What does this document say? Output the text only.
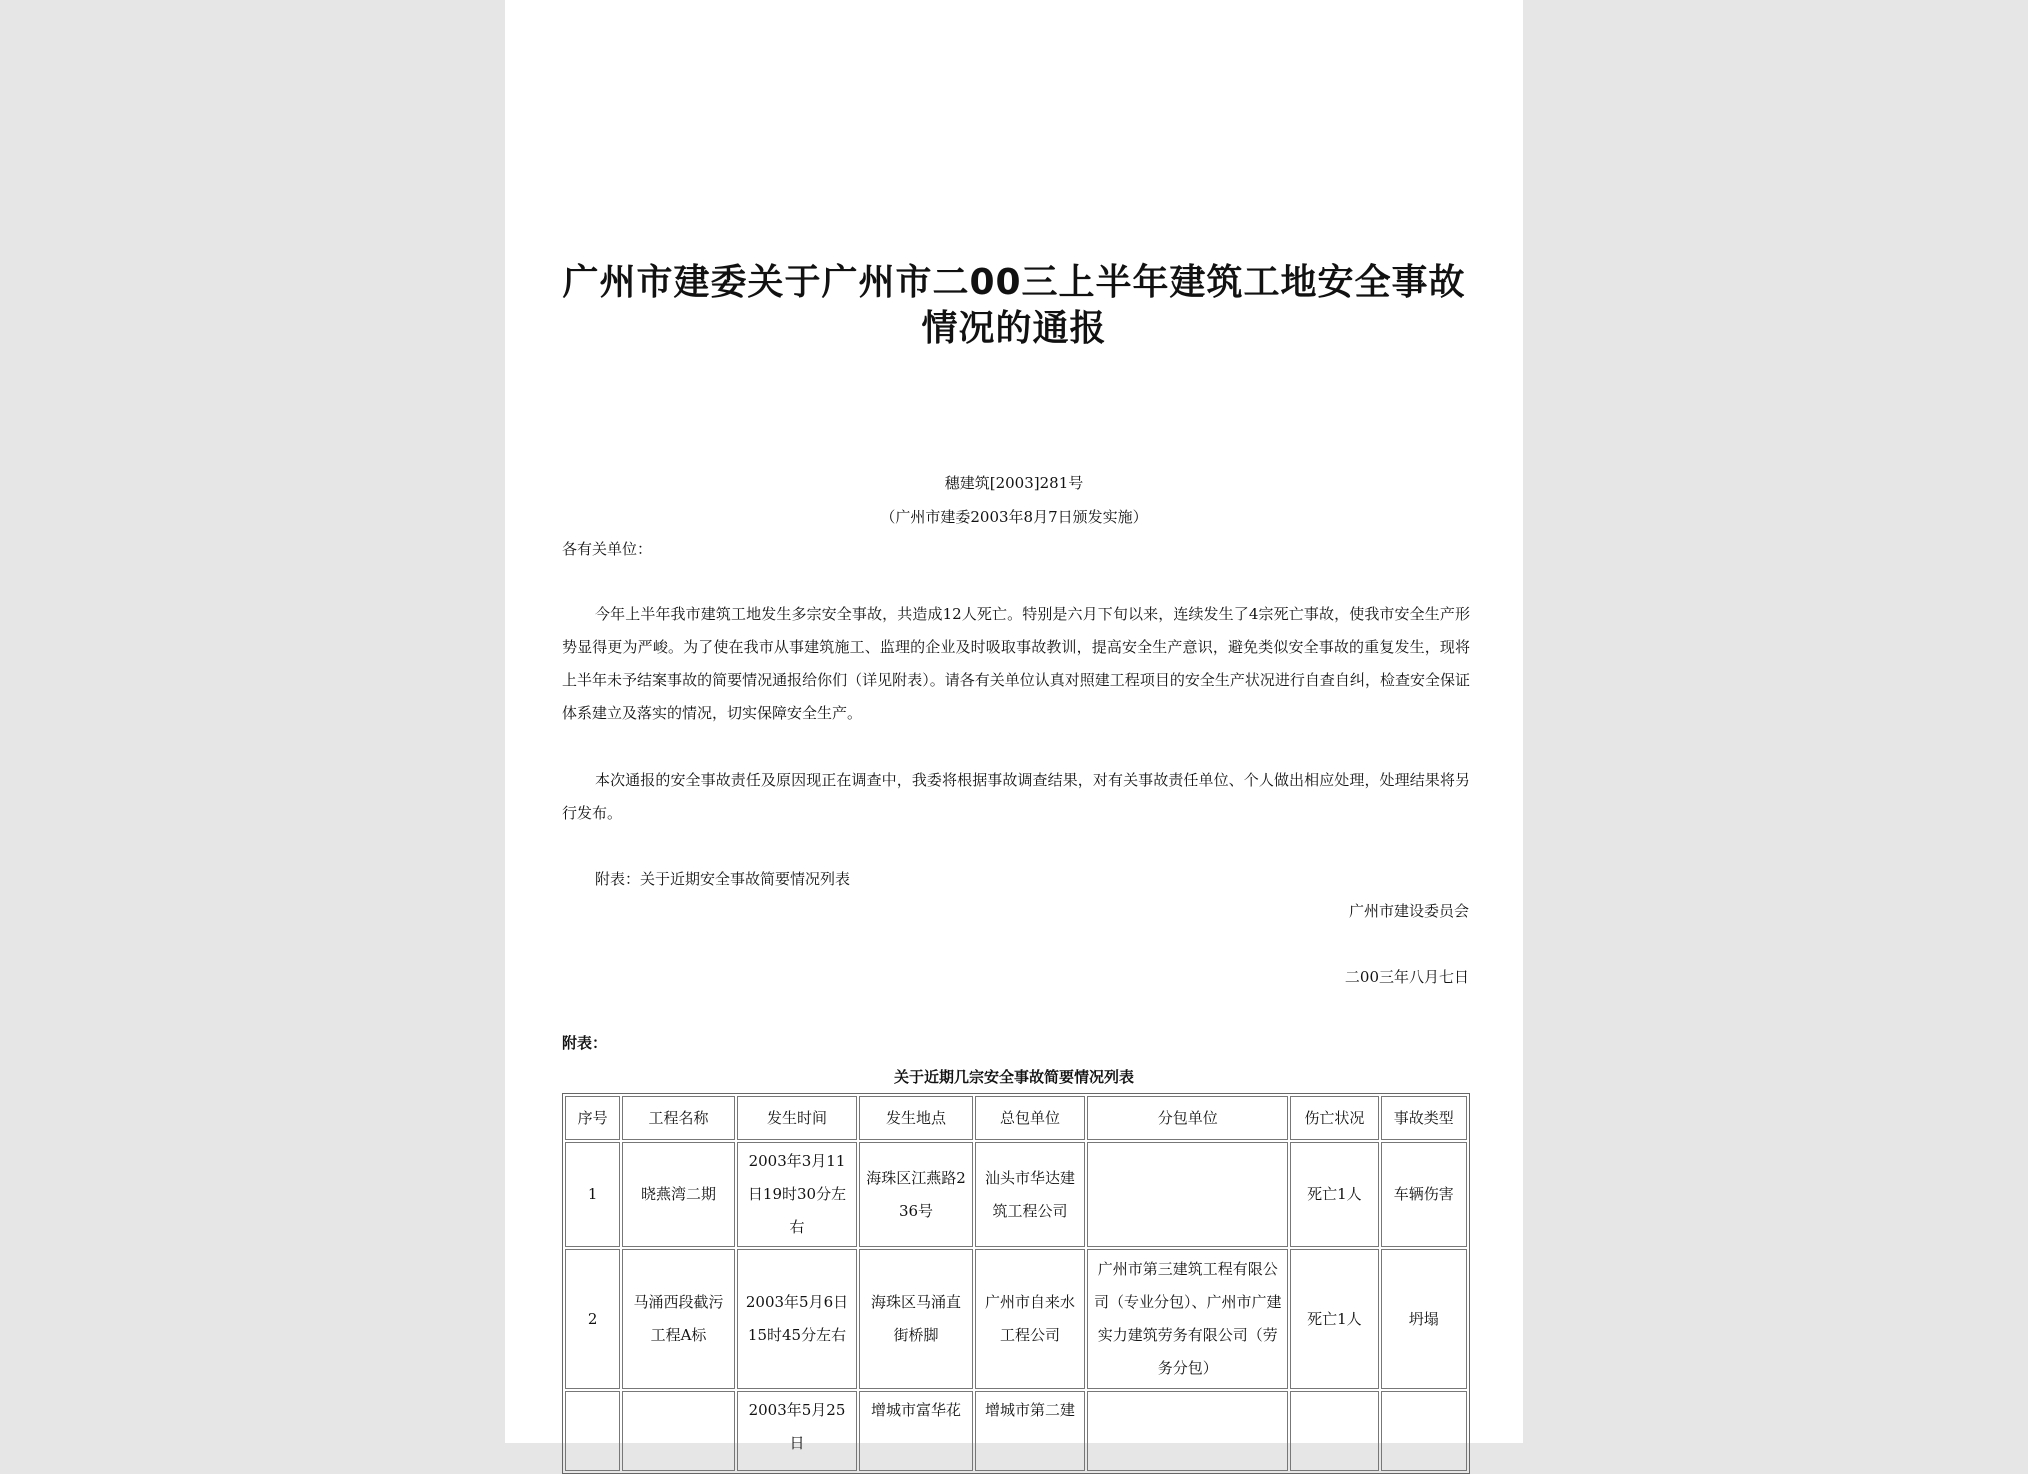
广州市建委关于广州市二00三上半年建筑工地安全事故
情况的通报
穗建筑[2003]281号
（广州市建委2003年8月7日颁发实施）
各有关单位：
今年上半年我市建筑工地发生多宗安全事故，共造成12人死亡。特别是六月下旬以来，连续发生了4宗死亡事故，使我市安全生产形势显得更为严峻。为了使在我市从事建筑施工、监理的企业及时吸取事故教训，提高安全生产意识，避免类似安全事故的重复发生，现将上半年未予结案事故的简要情况通报给你们（详见附表）。请各有关单位认真对照建工程项目的安全生产状况进行自查自纠，检查安全保证体系建立及落实的情况，切实保障安全生产。
本次通报的安全事故责任及原因现正在调查中，我委将根据事故调查结果，对有关事故责任单位、个人做出相应处理，处理结果将另行发布。
附表：关于近期安全事故简要情况列表
广州市建设委员会
二00三年八月七日
附表：
关于近期几宗安全事故简要情况列表
序号	工程名称	发生时间	发生地点	总包单位	分包单位	伤亡状况	事故类型
1	晓燕湾二期	2003年3月11日19时30分左右	海珠区江燕路236号	汕头市华达建筑工程公司		死亡1人	车辆伤害
2	马涌西段截污工程A标	2003年5月6日15时45分左右	海珠区马涌直街桥脚	广州市自来水工程公司	广州市第三建筑工程有限公司（专业分包）、广州市广建实力建筑劳务有限公司（劳务分包）	死亡1人	坍塌
		2003年5月25日	增城市富华花	增城市第二建			
